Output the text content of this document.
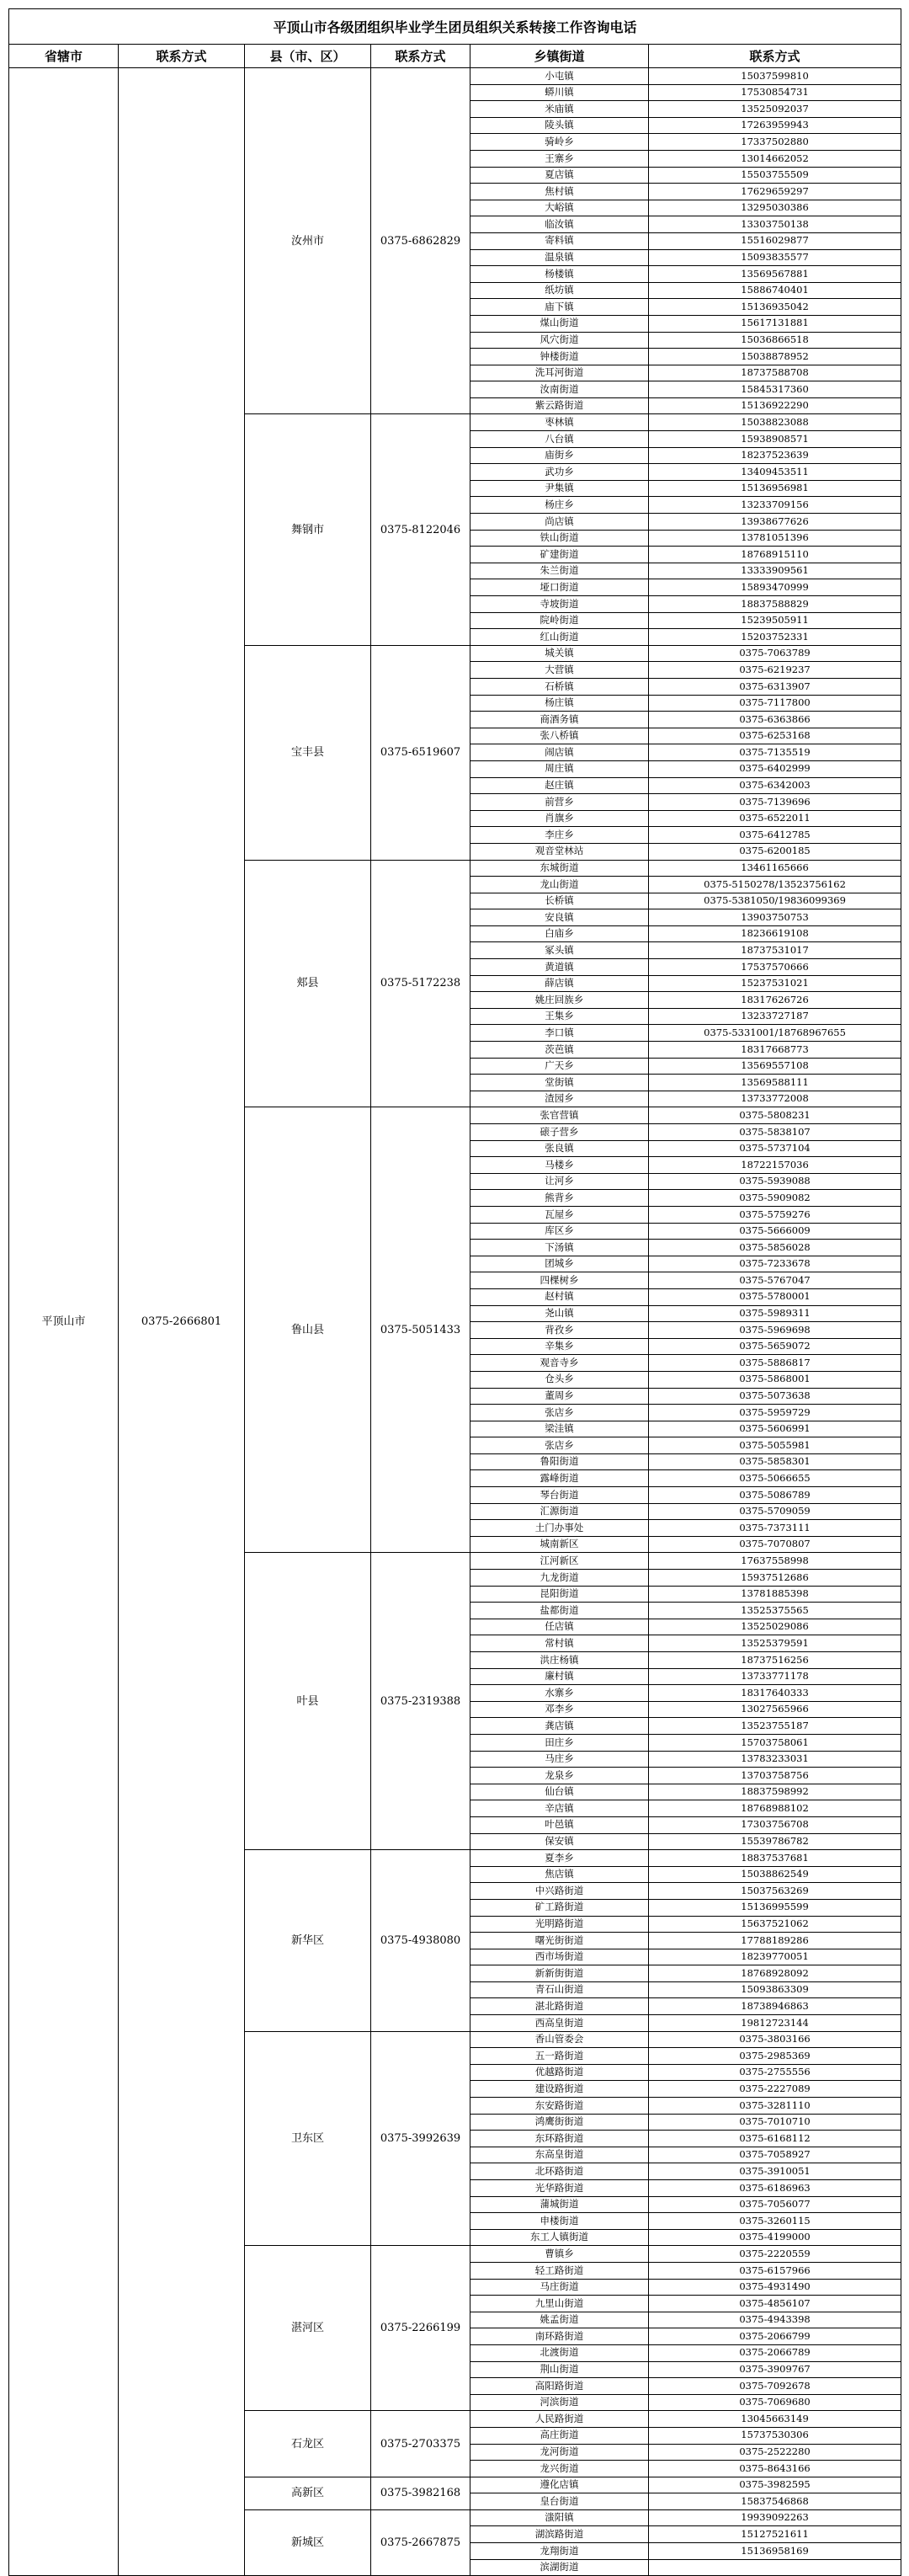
平顶山市各级团组织毕业学生团员组织关系转接工作咨询电话					
省辖市	联系方式	县（市、区）	联系方式	乡镇街道	联系方式
平顶山市	0375-2666801	汝州市	0375-6862829	小屯镇	15037599810
				蟒川镇	17530854731
				米庙镇	13525092037
				陵头镇	17263959943
				骑岭乡	17337502880
				王寨乡	13014662052
				夏店镇	15503755509
				焦村镇	17629659297
				大峪镇	13295030386
				临汝镇	13303750138
				寄料镇	15516029877
				温泉镇	15093835577
				杨楼镇	13569567881
				纸坊镇	15886740401
				庙下镇	15136935042
				煤山街道	15617131881
				风穴街道	15036866518
				钟楼街道	15038878952
				洗耳河街道	18737588708
				汝南街道	15845317360
				紫云路街道	15136922290
		舞钢市	0375-8122046	枣林镇	15038823088
				八台镇	15938908571
				庙街乡	18237523639
				武功乡	13409453511
				尹集镇	15136956981
				杨庄乡	13233709156
				尚店镇	13938677626
				铁山街道	13781051396
				矿建街道	18768915110
				朱兰街道	13333909561
				垭口街道	15893470999
				寺坡街道	18837588829
				院岭街道	15239505911
				红山街道	15203752331
		宝丰县	0375-6519607	城关镇	0375-7063789
				大营镇	0375-6219237
				石桥镇	0375-6313907
				杨庄镇	0375-7117800
				商酒务镇	0375-6363866
				张八桥镇	0375-6253168
				闹店镇	0375-7135519
				周庄镇	0375-6402999
				赵庄镇	0375-6342003
				前营乡	0375-7139696
				肖旗乡	0375-6522011
				李庄乡	0375-6412785
				观音堂林站	0375-6200185
		郏县	0375-5172238	东城街道	13461165666
				龙山街道	0375-5150278/13523756162
				长桥镇	0375-5381050/19836099369
				安良镇	13903750753
				白庙乡	18236619108
				冢头镇	18737531017
				黄道镇	17537570666
				薛店镇	15237531021
				姚庄回族乡	18317626726
				王集乡	13233727187
				李口镇	0375-5331001/18768967655
				茨芭镇	18317668773
				广天乡	13569557108
				堂街镇	13569588111
				渣园乡	13733772008
		鲁山县	0375-5051433	张官营镇	0375-5808231
				磙子营乡	0375-5838107
				张良镇	0375-5737104
				马楼乡	18722157036
				让河乡	0375-5939088
				熊背乡	0375-5909082
				瓦屋乡	0375-5759276
				库区乡	0375-5666009
				下汤镇	0375-5856028
				团城乡	0375-7233678
				四棵树乡	0375-5767047
				赵村镇	0375-5780001
				尧山镇	0375-5989311
				背孜乡	0375-5969698
				辛集乡	0375-5659072
				观音寺乡	0375-5886817
				仓头乡	0375-5868001
				董周乡	0375-5073638
				张店乡	0375-5959729
				梁洼镇	0375-5606991
				张店乡	0375-5055981
				鲁阳街道	0375-5858301
				露峰街道	0375-5066655
				琴台街道	0375-5086789
				汇源街道	0375-5709059
				土门办事处	0375-7373111
				城南新区	0375-7070807
		叶县	0375-2319388	江河新区	17637558998
				九龙街道	15937512686
				昆阳街道	13781885398
				盐都街道	13525375565
				任店镇	13525029086
				常村镇	13525379591
				洪庄杨镇	18737516256
				廉村镇	13733771178
				水寨乡	18317640333
				邓李乡	13027565966
				龚店镇	13523755187
				田庄乡	15703758061
				马庄乡	13783233031
				龙泉乡	13703758756
				仙台镇	18837598992
				辛店镇	18768988102
				叶邑镇	17303756708
				保安镇	15539786782
		新华区	0375-4938080	夏李乡	18837537681
				焦店镇	15038862549
				中兴路街道	15037563269
				矿工路街道	15136995599
				光明路街道	15637521062
				曙光街街道	17788189286
				西市场街道	18239770051
				新新街街道	18768928092
				青石山街道	15093863309
				湛北路街道	18738946863
				西高皇街道	19812723144
		卫东区	0375-3992639	香山管委会	0375-3803166
				五一路街道	0375-2985369
				优越路街道	0375-2755556
				建设路街道	0375-2227089
				东安路街道	0375-3281110
				鸿鹰街街道	0375-7010710
				东环路街道	0375-6168112
				东高皇街道	0375-7058927
				北环路街道	0375-3910051
				光华路街道	0375-6186963
				蒲城街道	0375-7056077
				申楼街道	0375-3260115
				东工人镇街道	0375-4199000
		湛河区	0375-2266199	曹镇乡	0375-2220559
				轻工路街道	0375-6157966
				马庄街道	0375-4931490
				九里山街道	0375-4856107
				姚孟街道	0375-4943398
				南环路街道	0375-2066799
				北渡街道	0375-2066789
				荆山街道	0375-3909767
				高阳路街道	0375-7092678
				河滨街道	0375-7069680
		石龙区	0375-2703375	人民路街道	13045663149
				高庄街道	15737530306
				龙河街道	0375-2522280
				龙兴街道	0375-8643166
		高新区	0375-3982168	遵化店镇	0375-3982595
				皇台街道	15837546868
		新城区	0375-2667875	滍阳镇	19939092263
				湖滨路街道	15127521611
				龙翔街道	15136958169
				滨湖街道	
